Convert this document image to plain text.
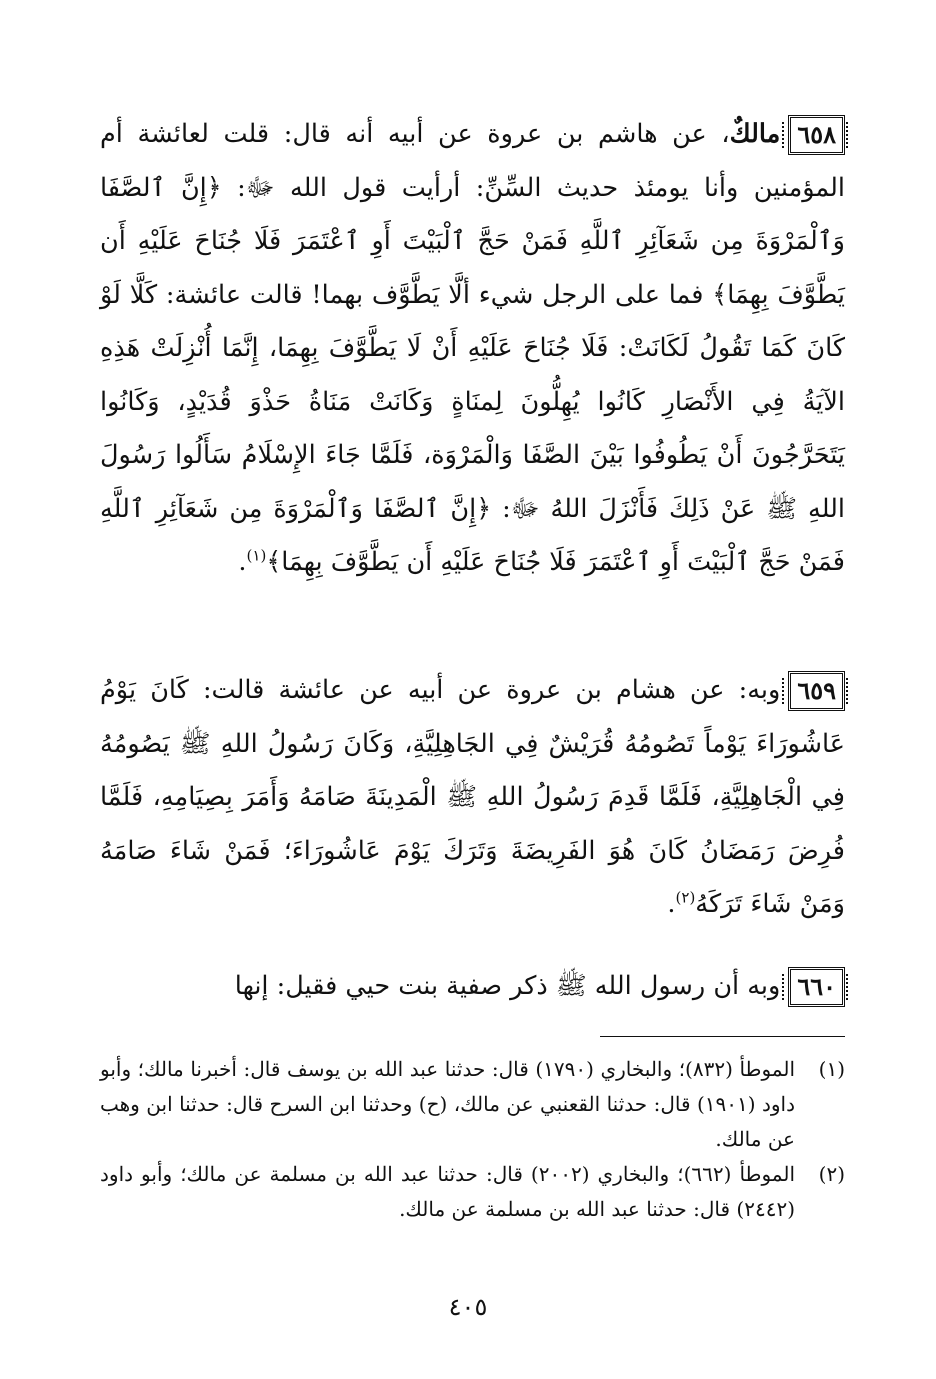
٦٥٨مالكٌ، عن هاشم بن عروة عن أبيه أنه قال: قلت لعائشة أم المؤمنين وأنا يومئذ حديث السِّنِّ: أرأيت قول الله ﷻ: ﴿إِنَّ ٱلصَّفَا وَٱلْمَرْوَةَ مِن شَعَآئِرِ ٱللَّهِ فَمَنْ حَجَّ ٱلْبَيْتَ أَوِ ٱعْتَمَرَ فَلَا جُنَاحَ عَلَيْهِ أَن يَطَّوَّفَ بِهِمَا﴾ فما على الرجل شيء ألَّا يَطَّوَّف بهما! قالت عائشة: كَلَّا لَوْ كَانَ كَمَا تَقُولُ لَكَانَتْ: فَلَا جُنَاحَ عَلَيْهِ أَنْ لَا يَطَّوَّفَ بِهِمَا، إِنَّمَا أُنْزِلَتْ هَذِهِ الآيَةُ فِي الأَنْصَارِ كَانُوا يُهِلُّونَ لِمنَاةٍ وَكَانَتْ مَنَاةُ حَذْوَ قُدَيْدٍ، وَكَانُوا يَتَحَرَّجُونَ أَنْ يَطُوفُوا بَيْنَ الصَّفَا وَالْمَرْوَة، فَلَمَّا جَاءَ الإِسْلَامُ سَأَلُوا رَسُولَ اللهِ ﷺ عَنْ ذَلِكَ فَأَنْزَلَ اللهُ ﷻ: ﴿إِنَّ ٱلصَّفَا وَٱلْمَرْوَةَ مِن شَعَآئِرِ ٱللَّهِ فَمَنْ حَجَّ ٱلْبَيْتَ أَوِ ٱعْتَمَرَ فَلَا جُنَاحَ عَلَيْهِ أَن يَطَّوَّفَ بِهِمَا﴾$^{(١)}$.
٦٥٩وبه: عن هشام بن عروة عن أبيه عن عائشة قالت: كَانَ يَوْمُ عَاشُورَاءَ يَوْماً تَصُومُهُ قُرَيْشٌ فِي الجَاهِلِيَّةِ، وَكَانَ رَسُولُ اللهِ ﷺ يَصُومُهُ فِي الْجَاهِلِيَّةِ، فَلَمَّا قَدِمَ رَسُولُ اللهِ ﷺ الْمَدِينَةَ صَامَهُ وَأَمَرَ بِصِيَامِهِ، فَلَمَّا فُرِضَ رَمَضَانُ كَانَ هُوَ الفَرِيضَةَ وَتَرَكَ يَوْمَ عَاشُورَاءَ؛ فَمَنْ شَاءَ صَامَهُ وَمَنْ شَاءَ تَرَكَهُ$^{(٢)}$.
٦٦٠وبه أن رسول الله ﷺ ذكر صفية بنت حيي فقيل: إنها
(١)
الموطأ (٨٣٢)؛ والبخاري (١٧٩٠) قال: حدثنا عبد الله بن يوسف قال: أخبرنا مالك؛ وأبو داود (١٩٠١) قال: حدثنا القعنبي عن مالك، (ح) وحدثنا ابن السرح قال: حدثنا ابن وهب عن مالك.
(٢)
الموطأ (٦٦٢)؛ والبخاري (٢٠٠٢) قال: حدثنا عبد الله بن مسلمة عن مالك؛ وأبو داود (٢٤٤٢) قال: حدثنا عبد الله بن مسلمة عن مالك.
٤٠٥
